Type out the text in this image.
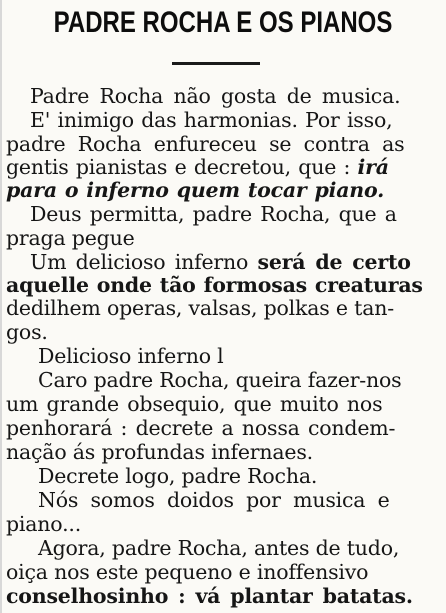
PADRE ROCHA E OS PIANOS
Padre Rocha não gosta de musica.
E' inimigo das harmonias. Por isso,
padre Rocha enfureceu se contra as
gentis pianistas e decretou, que : irá
para o inferno quem tocar piano.
Deus permitta, padre Rocha, que a
praga pegue
Um delicioso inferno será de certo
aquelle onde tão formosas creaturas
dedilhem operas, valsas, polkas e tan-
gos.
Delicioso inferno l
Caro padre Rocha, queira fazer-nos
um grande obsequio, que muito nos
penhorará : decrete a nossa condem-
nação ás profundas infernaes.
Decrete logo, padre Rocha.
Nós somos doidos por musica e
piano...
Agora, padre Rocha, antes de tudo,
oiça nos este pequeno e inoffensivo
conselhosinho : vá plantar batatas.
